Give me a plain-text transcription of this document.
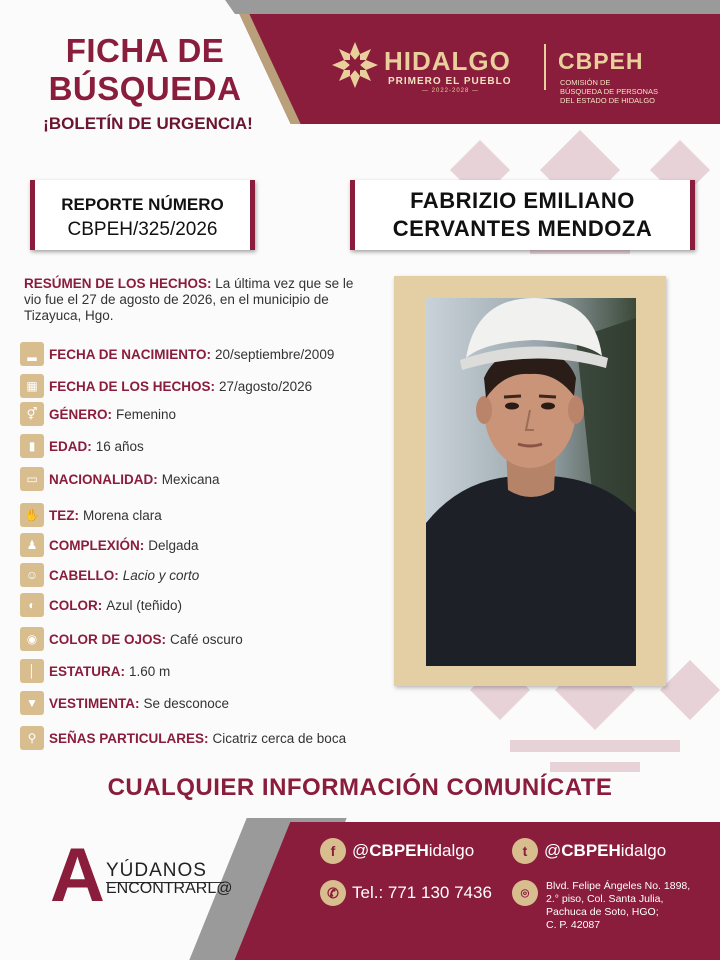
FICHA DE
BÚSQUEDA
¡BOLETÍN DE URGENCIA!
HIDALGO
PRIMERO EL PUEBLO
— 2022-2028 —
CBPEH
COMISIÓN DE
BÚSQUEDA DE PERSONAS
DEL ESTADO DE HIDALGO
REPORTE NÚMERO
CBPEH/325/2026
FABRIZIO EMILIANO
CERVANTES MENDOZA
RESÚMEN DE LOS HECHOS: La última vez que se le vio fue el 27 de agosto de 2026, en el municipio de Tizayuca, Hgo.
▂ FECHA DE NACIMIENTO: 20/septiembre/2009
▦ FECHA DE LOS HECHOS: 27/agosto/2026
⚥ GÉNERO: Femenino
▮	EDAD: 16 años
▭ NACIONALIDAD: Mexicana
✋ TEZ: Morena clara
♟ COMPLEXIÓN: Delgada
☺ CABELLO: Lacio y corto
◐ COLOR: Azul (teñido)
◉ COLOR DE OJOS: Café oscuro
│ ESTATURA: 1.60 m
▼ VESTIMENTA: Se desconoce
⚲ SEÑAS PARTICULARES: Cicatriz cerca de boca
CUALQUIER INFORMACIÓN COMUNÍCATE
A YÚDANOS
ENCONTRARL@
f @ CBPEH idalgo	t @ CBPEH idalgo
✆ Tel.: 771 130 7436	⌾	Blvd. Felipe Ángeles No. 1898,
2.° piso, Col. Santa Julia,
Pachuca de Soto, HGO;
C. P. 42087
